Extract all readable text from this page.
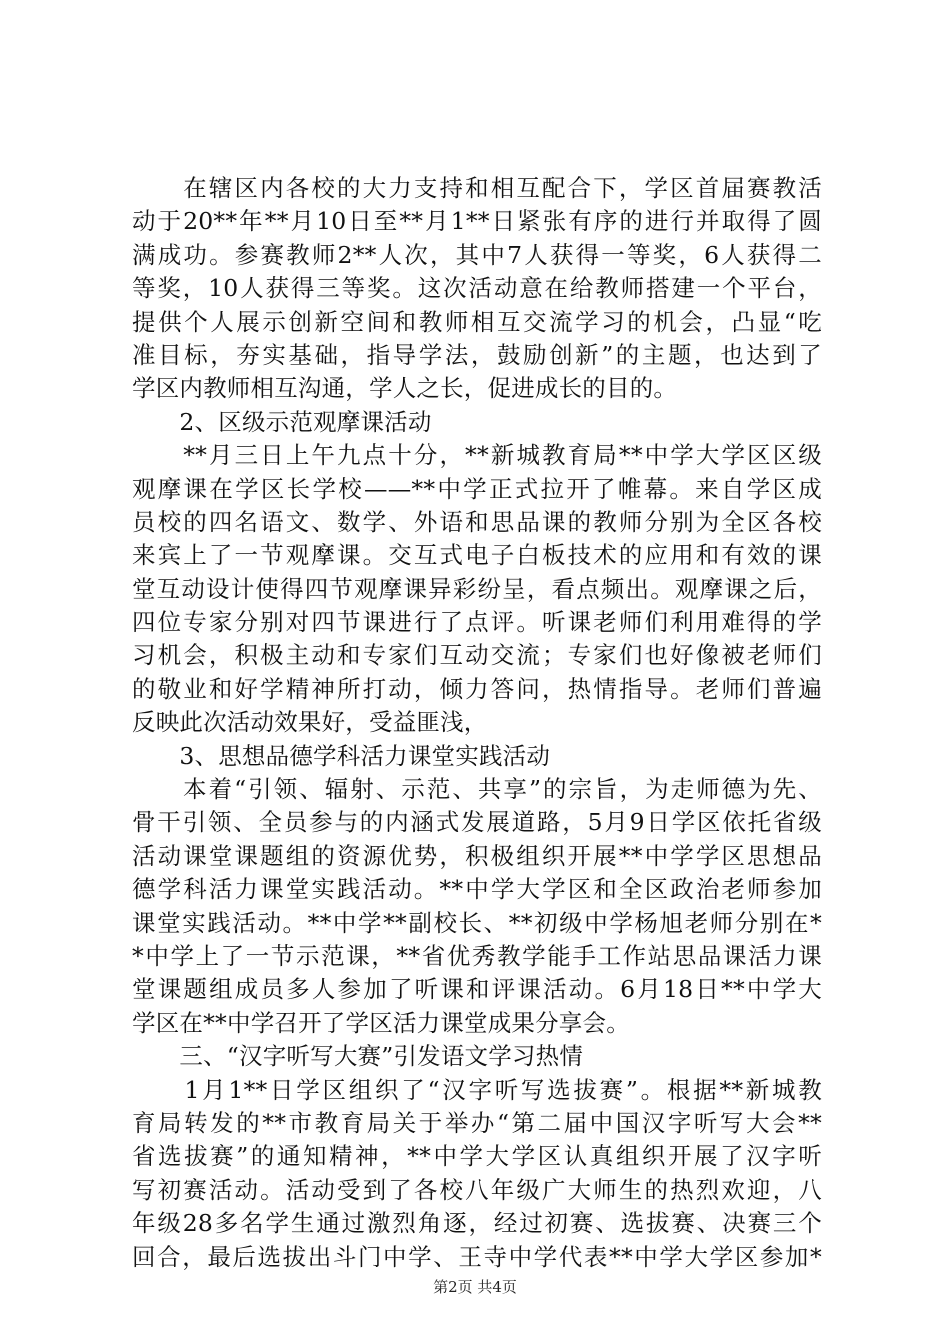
　　在辖区内各校的大力支持和相互配合下，学区首届赛教活
动于20**年**月10日至**月1**日紧张有序的进行并取得了圆
满成功。参赛教师2**人次，其中7人获得一等奖，6人获得二
等奖，10人获得三等奖。这次活动意在给教师搭建一个平台，
提供个人展示创新空间和教师相互交流学习的机会，凸显“吃
准目标，夯实基础，指导学法，鼓励创新”的主题，也达到了
学区内教师相互沟通，学人之长，促进成长的目的。
　　2、区级示范观摩课活动
　　**月三日上午九点十分，**新城教育局**中学大学区区级
观摩课在学区长学校——**中学正式拉开了帷幕。来自学区成
员校的四名语文、数学、外语和思品课的教师分别为全区各校
来宾上了一节观摩课。交互式电子白板技术的应用和有效的课
堂互动设计使得四节观摩课异彩纷呈，看点频出。观摩课之后，
四位专家分别对四节课进行了点评。听课老师们利用难得的学
习机会，积极主动和专家们互动交流；专家们也好像被老师们
的敬业和好学精神所打动，倾力答问，热情指导。老师们普遍
反映此次活动效果好，受益匪浅，
　　3、思想品德学科活力课堂实践活动
　　本着“引领、辐射、示范、共享”的宗旨，为走师德为先、
骨干引领、全员参与的内涵式发展道路，5月9日学区依托省级
活动课堂课题组的资源优势，积极组织开展**中学学区思想品
德学科活力课堂实践活动。**中学大学区和全区政治老师参加
课堂实践活动。**中学**副校长、**初级中学杨旭老师分别在*
*中学上了一节示范课，**省优秀教学能手工作站思品课活力课
堂课题组成员多人参加了听课和评课活动。6月18日**中学大
学区在**中学召开了学区活力课堂成果分享会。
　　三、“汉字听写大赛”引发语文学习热情
　　1月1**日学区组织了“汉字听写选拔赛”。根据**新城教
育局转发的**市教育局关于举办“第二届中国汉字听写大会**
省选拔赛”的通知精神，**中学大学区认真组织开展了汉字听
写初赛活动。活动受到了各校八年级广大师生的热烈欢迎，八
年级28多名学生通过激烈角逐，经过初赛、选拔赛、决赛三个
回合，最后选拔出斗门中学、王寺中学代表**中学大学区参加*
第2页 共4页
